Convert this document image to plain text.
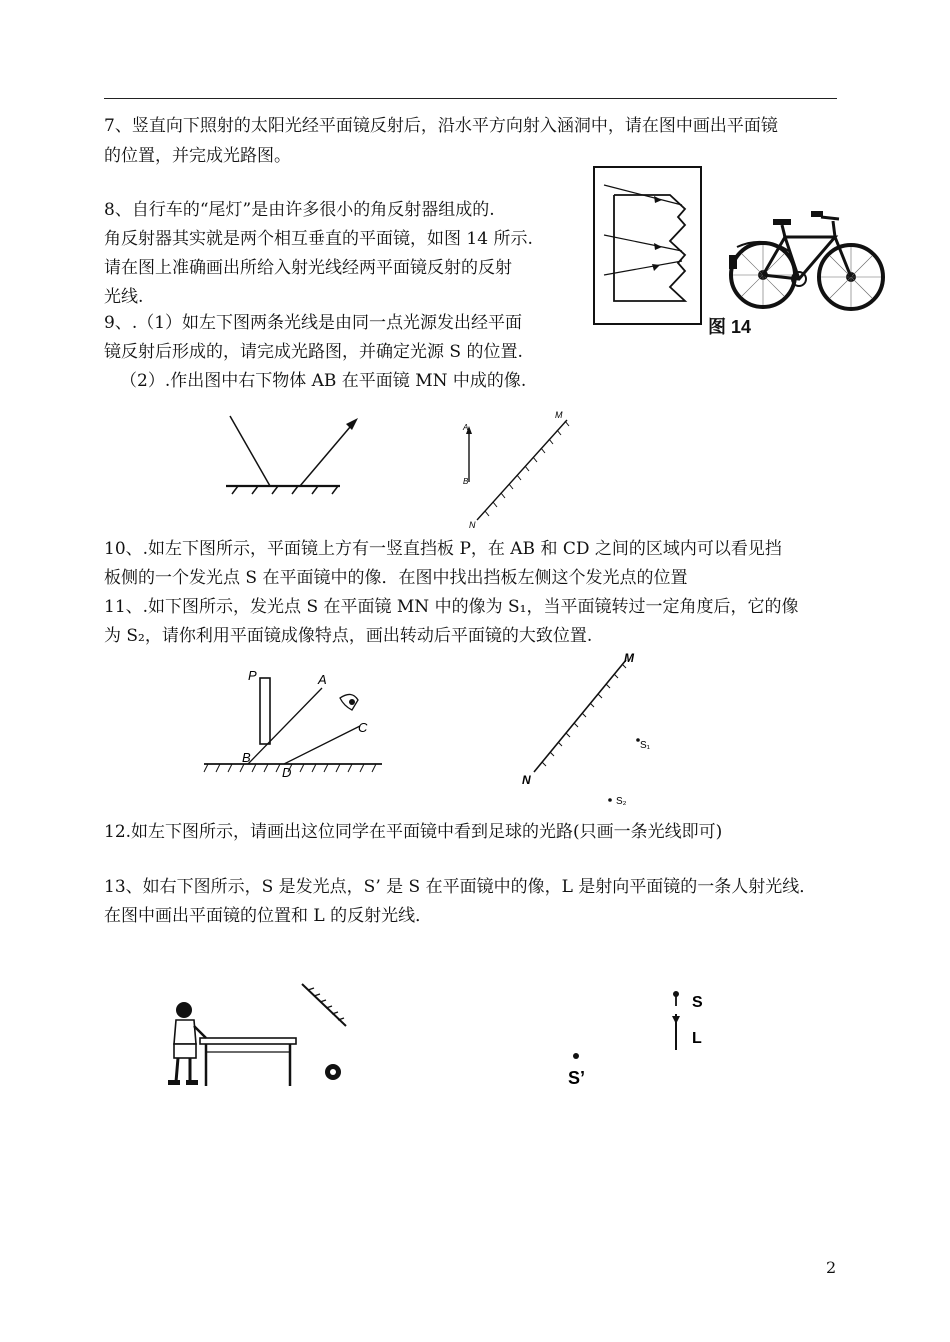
7、竖直向下照射的太阳光经平面镜反射后，沿水平方向射入涵洞中，请在图中画出平面镜

的位置，并完成光路图。

8、自行车的“尾灯”是由许多很小的角反射器组成的.

角反射器其实就是两个相互垂直的平面镜，如图 14 所示.

请在图上准确画出所给入射光线经两平面镜反射的反射

光线.

9、.（1）如左下图两条光线是由同一点光源发出经平面

镜反射后形成的，请完成光路图，并确定光源 S 的位置.

（2）.作出图中右下物体 AB 在平面镜 MN 中成的像.

图 14
M
N
A
B

10、.如左下图所示，平面镜上方有一竖直挡板 P，在 AB 和 CD 之间的区域内可以看见挡

板侧的一个发光点 S 在平面镜中的像．在图中找出挡板左侧这个发光点的位置

11、.如下图所示，发光点 S 在平面镜 MN 中的像为 S₁，当平面镜转过一定角度后，它的像

为 S₂，请你利用平面镜成像特点，画出转动后平面镜的大致位置.

P	A
B
C
D
M
N
S₁
S₂

12.如左下图所示，请画出这位同学在平面镜中看到足球的光路(只画一条光线即可)

13、如右下图所示，S 是发光点，S’ 是 S 在平面镜中的像，L 是射向平面镜的一条人射光线．

在图中画出平面镜的位置和 L 的反射光线．

S
L
S’
2
